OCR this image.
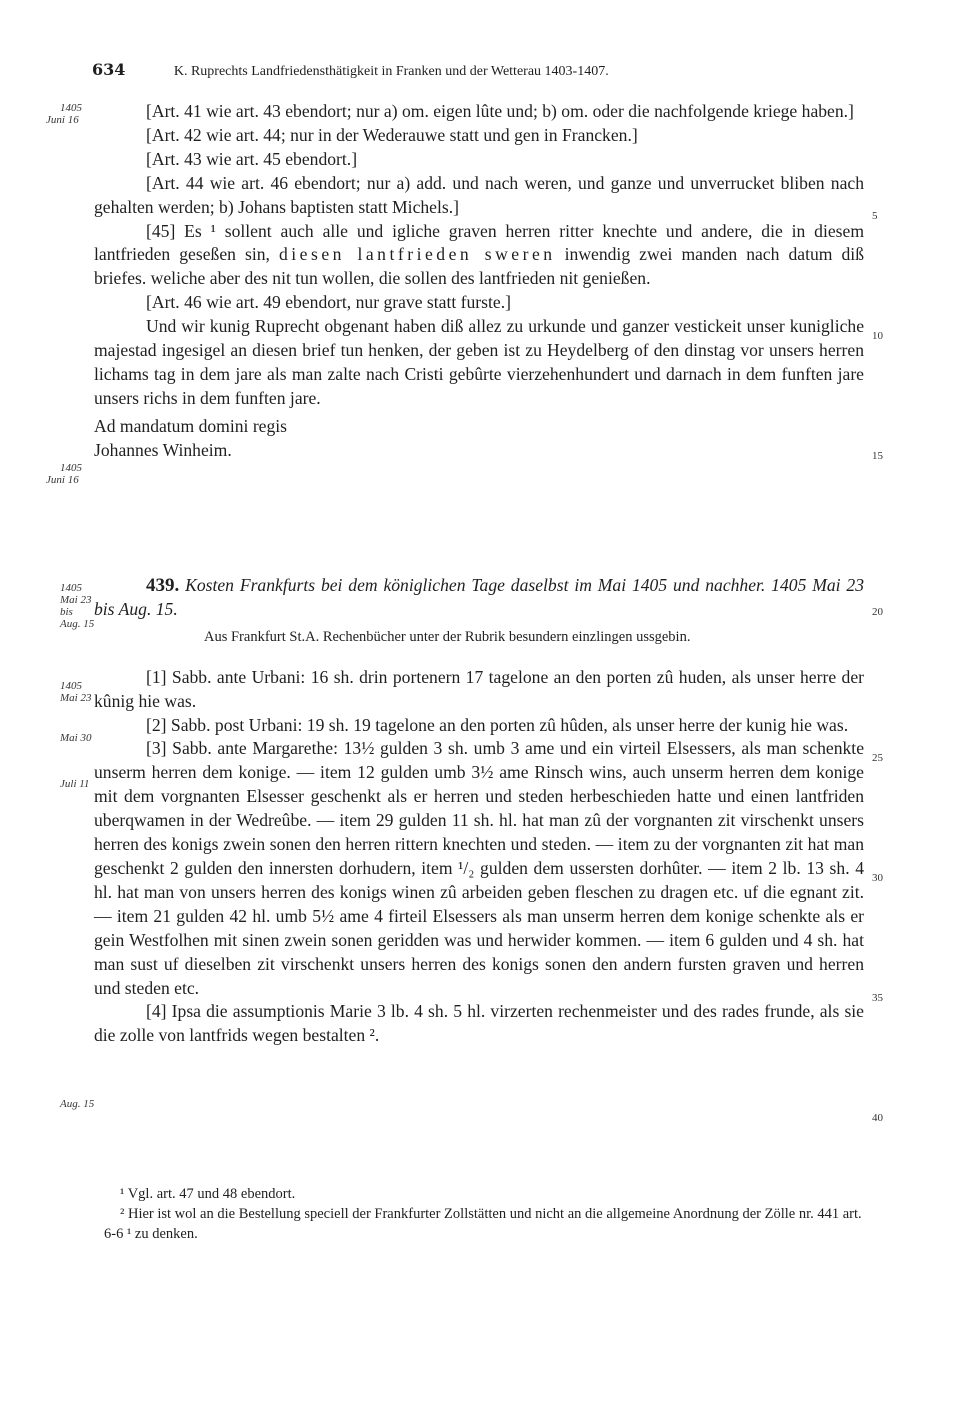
634	K. Ruprechts Landfriedensthätigkeit in Franken und der Wetterau 1403-1407.
1405
Juni 16
1405
Juni 16
1405
Mai 23
bis
Aug. 15
1405
Mai 23
Mai 30
Juli 11
Aug. 15
5
10
15
20
25
30
35
40

[Art. 41 wie art. 43 ebendort; nur a) om. eigen lûte und; b) om. oder die nachfolgende kriege haben.]

[Art. 42 wie art. 44; nur in der Wederauwe statt und gen in Francken.]

[Art. 43 wie art. 45 ebendort.]

[Art. 44 wie art. 46 ebendort; nur a) add. und nach weren, und ganze und unverrucket bliben nach gehalten werden; b) Johans baptisten statt Michels.]

[45] Es ¹ sollent auch alle und igliche graven herren ritter knechte und andere, die in diesem lantfrieden geseßen sin, diesen lantfrieden sweren inwendig zwei manden nach datum diß briefes. weliche aber des nit tun wollen, die sollen des lantfrieden nit genießen.

[Art. 46 wie art. 49 ebendort, nur grave statt furste.]

Und wir kunig Ruprecht obgenant haben diß allez zu urkunde und ganzer vestickeit unser kunigliche majestad ingesigel an diesen brief tun henken, der geben ist zu Heydelberg of den dinstag vor unsers herren lichams tag in dem jare als man zalte nach Cristi gebûrte vierzehenhundert und darnach in dem funften jare unsers richs in dem funften jare.

Ad mandatum domini regis

Johannes Winheim.

439. Kosten Frankfurts bei dem königlichen Tage daselbst im Mai 1405 und nachher. 1405 Mai 23 bis Aug. 15.

Aus Frankfurt St.A. Rechenbücher unter der Rubrik besundern einzlingen ussgebin.

[1] Sabb. ante Urbani: 16 sh. drin portenern 17 tagelone an den porten zû huden, als unser herre der kûnig hie was.

[2] Sabb. post Urbani: 19 sh. 19 tagelone an den porten zû hûden, als unser herre der kunig hie was.

[3] Sabb. ante Margarethe: 13½ gulden 3 sh. umb 3 ame und ein virteil Elsessers, als man schenkte unserm herren dem konige. — item 12 gulden umb 3½ ame Rinsch wins, auch unserm herren dem konige mit dem vorgnanten Elsesser geschenkt als er herren und steden herbeschieden hatte und einen lantfriden uberqwamen in der Wedreûbe. — item 29 gulden 11 sh. hl. hat man zû der vorgnanten zit virschenkt unsers herren des konigs zwein sonen den herren rittern knechten und steden. — item zu der vorgnanten zit hat man geschenkt 2 gulden den innersten dorhudern, item ¹/₂ gulden dem ussersten dorhûter. — item 2 lb. 13 sh. 4 hl. hat man von unsers herren des konigs winen zû arbeiden geben fleschen zu dragen etc. uf die egnant zit. — item 21 gulden 42 hl. umb 5½ ame 4 firteil Elsessers als man unserm herren dem konige schenkte als er gein Westfolhen mit sinen zwein sonen geridden was und herwider kommen. — item 6 gulden und 4 sh. hat man sust uf dieselben zit virschenkt unsers herren des konigs sonen den andern fursten graven und herren und steden etc.

[4] Ipsa die assumptionis Marie 3 lb. 4 sh. 5 hl. virzerten rechenmeister und des rades frunde, als sie die zolle von lantfrids wegen bestalten ².

¹ Vgl. art. 47 und 48 ebendort.

² Hier ist wol an die Bestellung speciell der Frankfurter Zollstätten und nicht an die allgemeine Anordnung der Zölle nr. 441 art. 6-6 ¹ zu denken.
